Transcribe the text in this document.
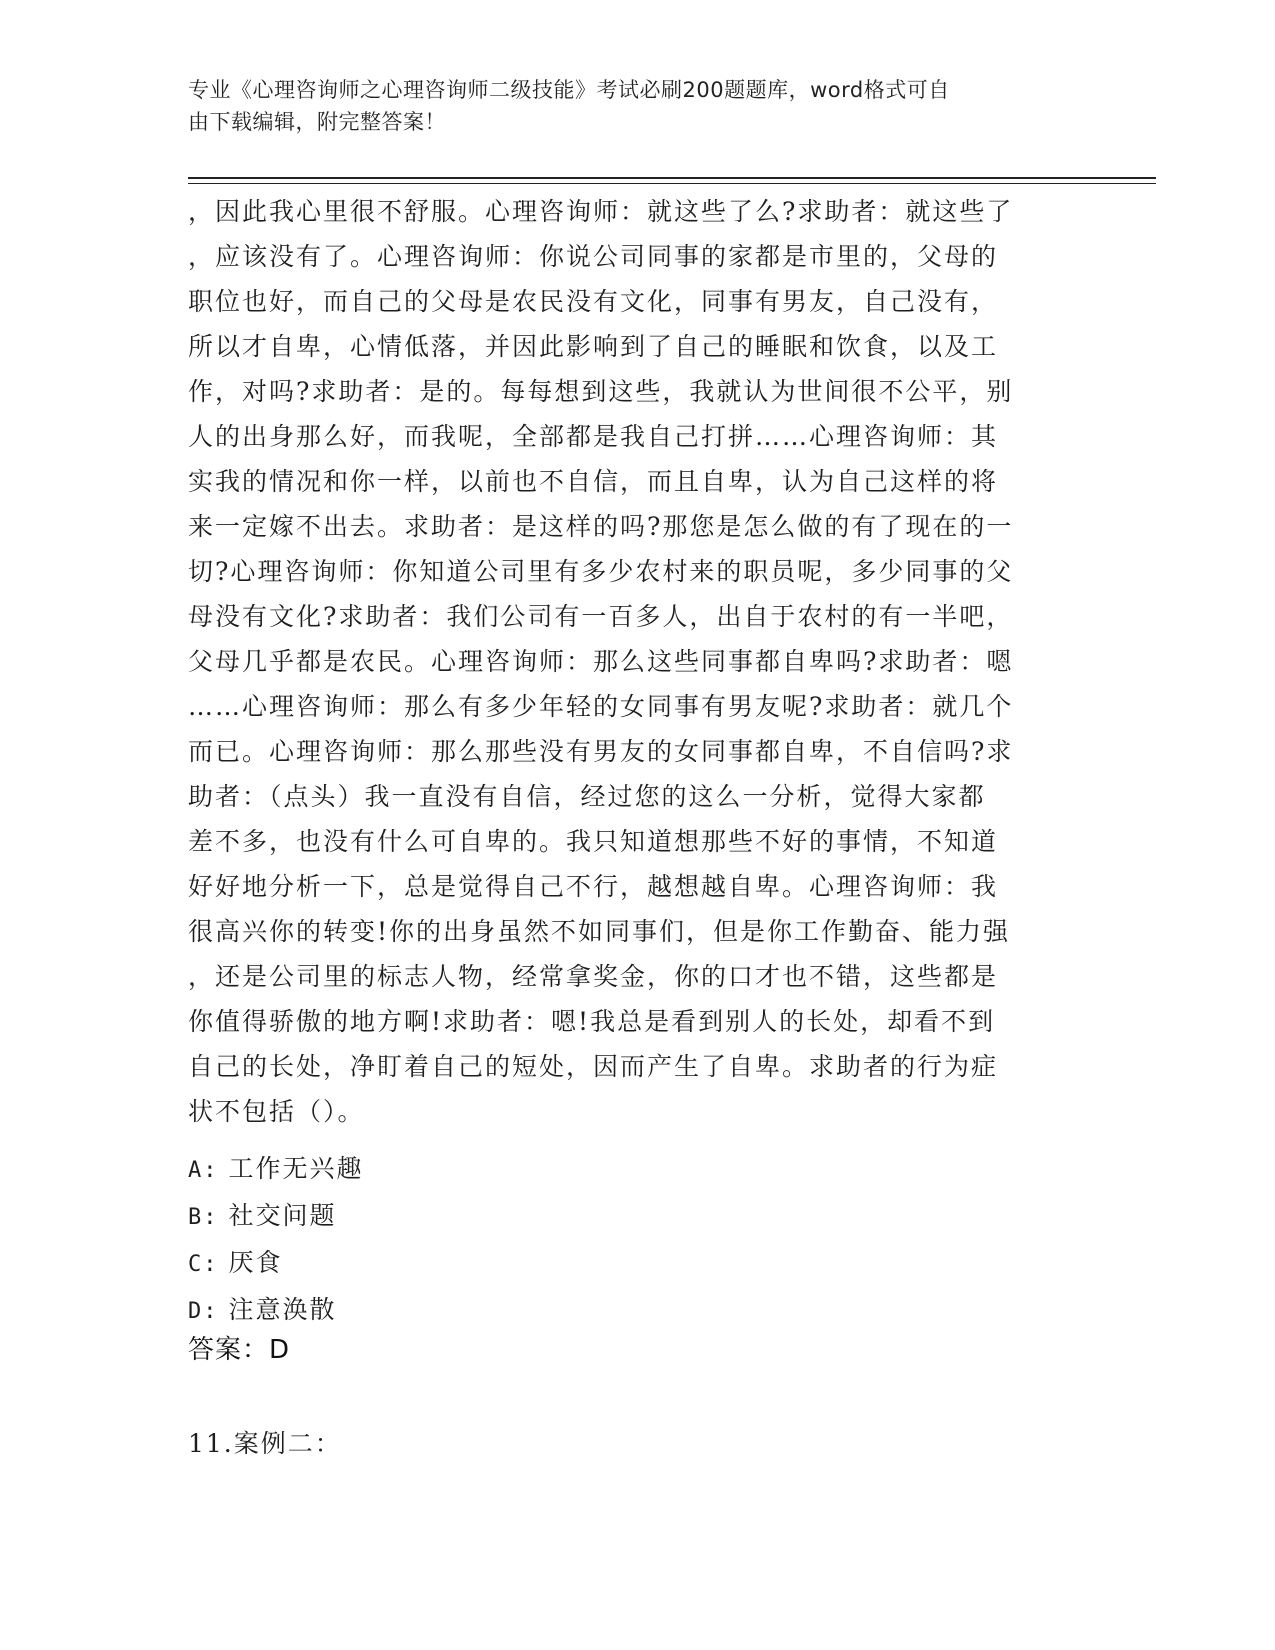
专业《心理咨询师之心理咨询师二级技能》考试必刷200题题库，word格式可自
由下载编辑，附完整答案！
，因此我心里很不舒服。心理咨询师：就这些了么?求助者：就这些了
，应该没有了。心理咨询师：你说公司同事的家都是市里的，父母的
职位也好，而自己的父母是农民没有文化，同事有男友，自己没有，
所以才自卑，心情低落，并因此影响到了自己的睡眠和饮食，以及工
作，对吗?求助者：是的。每每想到这些，我就认为世间很不公平，别
人的出身那么好，而我呢，全部都是我自己打拼……心理咨询师：其
实我的情况和你一样，以前也不自信，而且自卑，认为自己这样的将
来一定嫁不出去。求助者：是这样的吗?那您是怎么做的有了现在的一
切?心理咨询师：你知道公司里有多少农村来的职员呢，多少同事的父
母没有文化?求助者：我们公司有一百多人，出自于农村的有一半吧，
父母几乎都是农民。心理咨询师：那么这些同事都自卑吗?求助者：嗯
……心理咨询师：那么有多少年轻的女同事有男友呢?求助者：就几个
而已。心理咨询师：那么那些没有男友的女同事都自卑，不自信吗?求
助者：（点头）我一直没有自信，经过您的这么一分析，觉得大家都
差不多，也没有什么可自卑的。我只知道想那些不好的事情，不知道
好好地分析一下，总是觉得自己不行，越想越自卑。心理咨询师：我
很高兴你的转变!你的出身虽然不如同事们，但是你工作勤奋、能力强
，还是公司里的标志人物，经常拿奖金，你的口才也不错，这些都是
你值得骄傲的地方啊!求助者：嗯!我总是看到别人的长处，却看不到
自己的长处，净盯着自己的短处，因而产生了自卑。求助者的行为症
状不包括（）。
A: 工作无兴趣
B: 社交问题
C: 厌食
D: 注意涣散
答案：D
11.案例二：
